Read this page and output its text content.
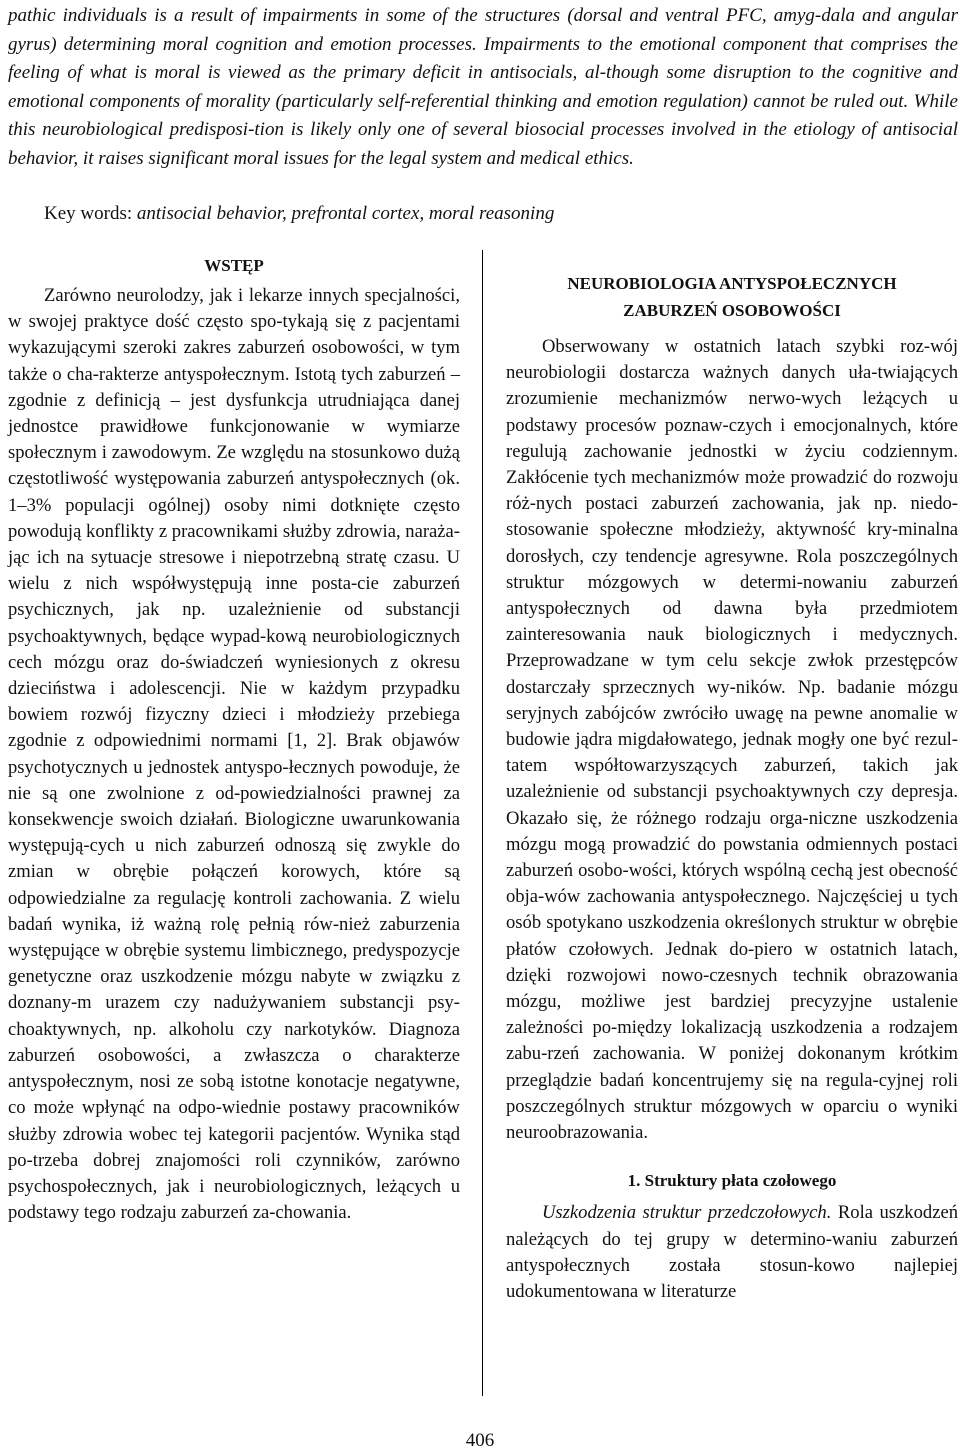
pathic individuals is a result of impairments in some of the structures (dorsal and ventral PFC, amyg-dala and angular gyrus) determining moral cognition and emotion processes. Impairments to the emotional component that comprises the feeling of what is moral is viewed as the primary deficit in antisocials, al-though some disruption to the cognitive and emotional components of morality (particularly self-referential thinking and emotion regulation) cannot be ruled out. While this neurobiological predisposi-tion is likely only one of several biosocial processes involved in the etiology of antisocial behavior, it raises significant moral issues for the legal system and medical ethics.
Key words: antisocial behavior, prefrontal cortex, moral reasoning

WSTĘP

Zarówno neurolodzy, jak i lekarze innych specjalności, w swojej praktyce dość często spo-tykają się z pacjentami wykazującymi szeroki zakres zaburzeń osobowości, w tym także o cha-rakterze antyspołecznym. Istotą tych zaburzeń – zgodnie z definicją – jest dysfunkcja utrudniająca danej jednostce prawidłowe funkcjonowanie w wymiarze społecznym i zawodowym. Ze względu na stosunkowo dużą częstotliwość występowania zaburzeń antyspołecznych (ok. 1–3% populacji ogólnej) osoby nimi dotknięte często powodują konflikty z pracownikami służby zdrowia, naraża-jąc ich na sytuacje stresowe i niepotrzebną stratę czasu. U wielu z nich współwystępują inne posta-cie zaburzeń psychicznych, jak np. uzależnienie od substancji psychoaktywnych, będące wypad-kową neurobiologicznych cech mózgu oraz do-świadczeń wyniesionych z okresu dzieciństwa i adolescencji. Nie w każdym przypadku bowiem rozwój fizyczny dzieci i młodzieży przebiega zgodnie z odpowiednimi normami [1, 2]. Brak objawów psychotycznych u jednostek antyspo-łecznych powoduje, że nie są one zwolnione z od-powiedzialności prawnej za konsekwencje swoich działań. Biologiczne uwarunkowania występują-cych u nich zaburzeń odnoszą się zwykle do zmian w obrębie połączeń korowych, które są odpowiedzialne za regulację kontroli zachowania. Z wielu badań wynika, iż ważną rolę pełnią rów-nież zaburzenia występujące w obrębie systemu limbicznego, predyspozycje genetyczne oraz uszkodzenie mózgu nabyte w związku z doznany-m urazem czy nadużywaniem substancji psy-choaktywnych, np. alkoholu czy narkotyków. Diagnoza zaburzeń osobowości, a zwłaszcza o charakterze antyspołecznym, nosi ze sobą istotne konotacje negatywne, co może wpłynąć na odpo-wiednie postawy pracowników służby zdrowia wobec tej kategorii pacjentów. Wynika stąd po-trzeba dobrej znajomości roli czynników, zarówno psychospołecznych, jak i neurobiologicznych, leżących u podstawy tego rodzaju zaburzeń za-chowania.

NEUROBIOLOGIA ANTYSPOŁECZNYCH
ZABURZEŃ OSOBOWOŚCI

Obserwowany w ostatnich latach szybki roz-wój neurobiologii dostarcza ważnych danych uła-twiających zrozumienie mechanizmów nerwo-wych leżących u podstawy procesów poznaw-czych i emocjonalnych, które regulują zachowanie jednostki w życiu codziennym. Zakłócenie tych mechanizmów może prowadzić do rozwoju róż-nych postaci zaburzeń zachowania, jak np. niedo-stosowanie społeczne młodzieży, aktywność kry-minalna dorosłych, czy tendencje agresywne. Rola poszczególnych struktur mózgowych w determi-nowaniu zaburzeń antyspołecznych od dawna była przedmiotem zainteresowania nauk biologicznych i medycznych. Przeprowadzane w tym celu sekcje zwłok przestępców dostarczały sprzecznych wy-ników. Np. badanie mózgu seryjnych zabójców zwróciło uwagę na pewne anomalie w budowie jądra migdałowatego, jednak mogły one być rezul-tatem współtowarzyszących zaburzeń, takich jak uzależnienie od substancji psychoaktywnych czy depresja. Okazało się, że różnego rodzaju orga-niczne uszkodzenia mózgu mogą prowadzić do powstania odmiennych postaci zaburzeń osobo-wości, których wspólną cechą jest obecność obja-wów zachowania antyspołecznego. Najczęściej u tych osób spotykano uszkodzenia określonych struktur w obrębie płatów czołowych. Jednak do-piero w ostatnich latach, dzięki rozwojowi nowo-czesnych technik obrazowania mózgu, możliwe jest bardziej precyzyjne ustalenie zależności po-między lokalizacją uszkodzenia a rodzajem zabu-rzeń zachowania. W poniżej dokonanym krótkim przeglądzie badań koncentrujemy się na regula-cyjnej roli poszczególnych struktur mózgowych w oparciu o wyniki neuroobrazowania.

1. Struktury płata czołowego

Uszkodzenia struktur przedczołowych. Rola uszkodzeń należących do tej grupy w determino-waniu zaburzeń antyspołecznych została stosun-kowo najlepiej udokumentowana w literaturze

406
